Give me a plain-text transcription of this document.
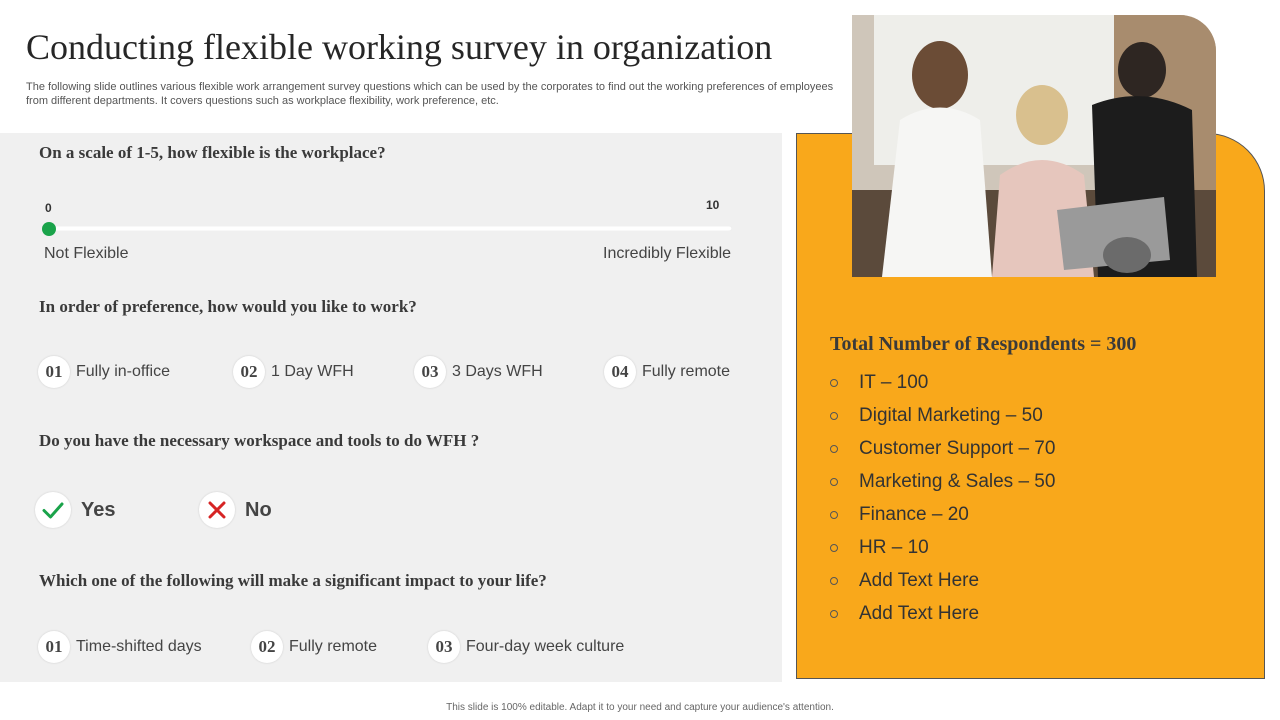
Conducting flexible working survey in organization
The following slide outlines various flexible work arrangement survey questions which can be used by the corporates to find out the working preferences of employees from different departments. It covers questions such as workplace flexibility, work preference, etc.
On a scale of 1-5, how flexible is the workplace?
0	10
Not Flexible	Incredibly Flexible
In order of preference, how would you like to work?
01 Fully in-office	02 1 Day WFH	03 3 Days WFH	04 Fully remote
Do you have the necessary workspace and tools to do WFH ?
Yes	No
Which one of the following will make a significant impact to your life?
01 Time-shifted days	02 Fully remote	03 Four-day week culture
Total Number of Respondents = 300
IT – 100
Digital Marketing – 50
Customer Support – 70
Marketing & Sales – 50
Finance – 20
HR – 10
Add Text Here
Add Text Here
This slide is 100% editable. Adapt it to your need and capture your audience's attention.
